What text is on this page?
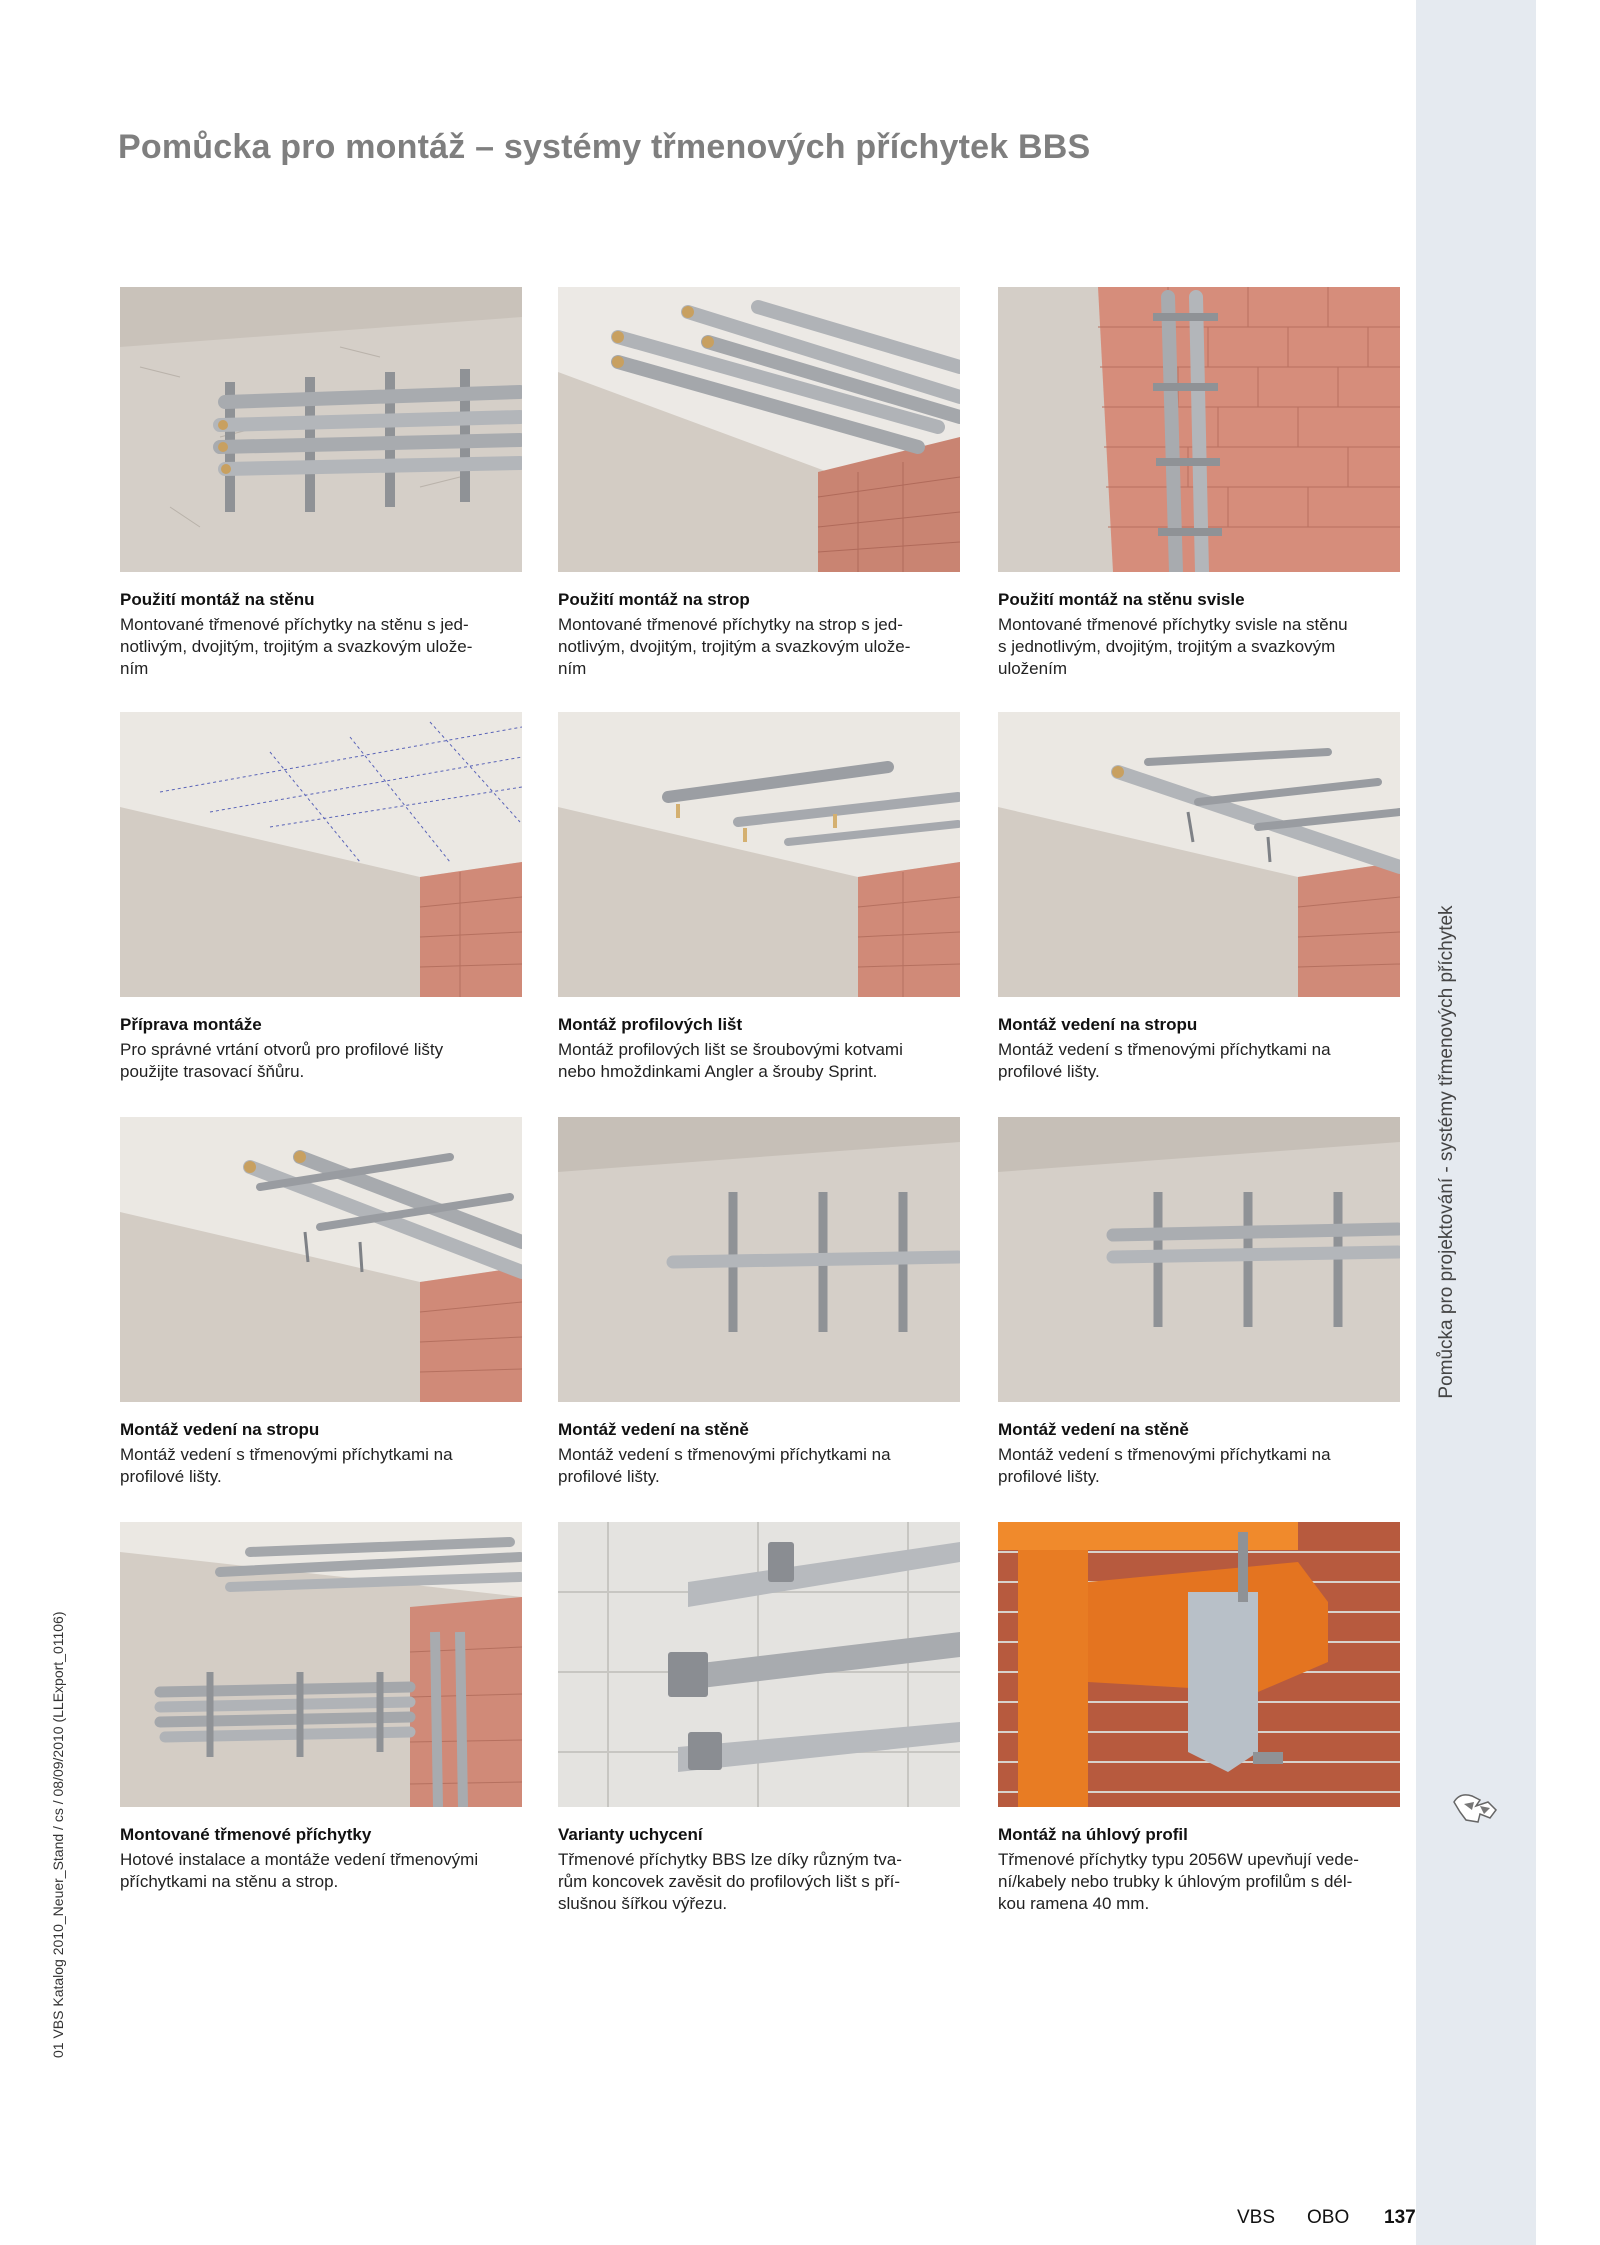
Pomůcka pro projektování - systémy třmenových příchytek
Pomůcka pro montáž – systémy třmenových příchytek BBS
Použití montáž na stěnu
Montované třmenové příchytky na stěnu s jed-
notlivým, dvojitým, trojitým a svazkovým ulože-
ním
Použití montáž na strop
Montované třmenové příchytky na strop s jed-
notlivým, dvojitým, trojitým a svazkovým ulože-
ním
Použití montáž na stěnu svisle
Montované třmenové příchytky svisle na stěnu
s jednotlivým, dvojitým, trojitým a svazkovým
uložením
Příprava montáže
Pro správné vrtání otvorů pro profilové lišty
použijte trasovací šňůru.
Montáž profilových lišt
Montáž profilových lišt se šroubovými kotvami
nebo hmoždinkami Angler a šrouby Sprint.
Montáž vedení na stropu
Montáž vedení s třmenovými příchytkami na
profilové lišty.
Montáž vedení na stropu
Montáž vedení s třmenovými příchytkami na
profilové lišty.
Montáž vedení na stěně
Montáž vedení s třmenovými příchytkami na
profilové lišty.
Montáž vedení na stěně
Montáž vedení s třmenovými příchytkami na
profilové lišty.
Montované třmenové příchytky
Hotové instalace a montáže vedení třmenovými
příchytkami na stěnu a strop.
Varianty uchycení
Třmenové příchytky BBS lze díky různým tva-
rům koncovek zavěsit do profilových lišt s pří-
slušnou šířkou výřezu.
Montáž na úhlový profil
Třmenové příchytky typu 2056W upevňují vede-
ní/kabely nebo trubky k úhlovým profilům s dél-
kou ramena 40 mm.
01 VBS Katalog 2010_Neuer_Stand / cs / 08/09/2010 (LLExport_01106)
VBS OBO 137
